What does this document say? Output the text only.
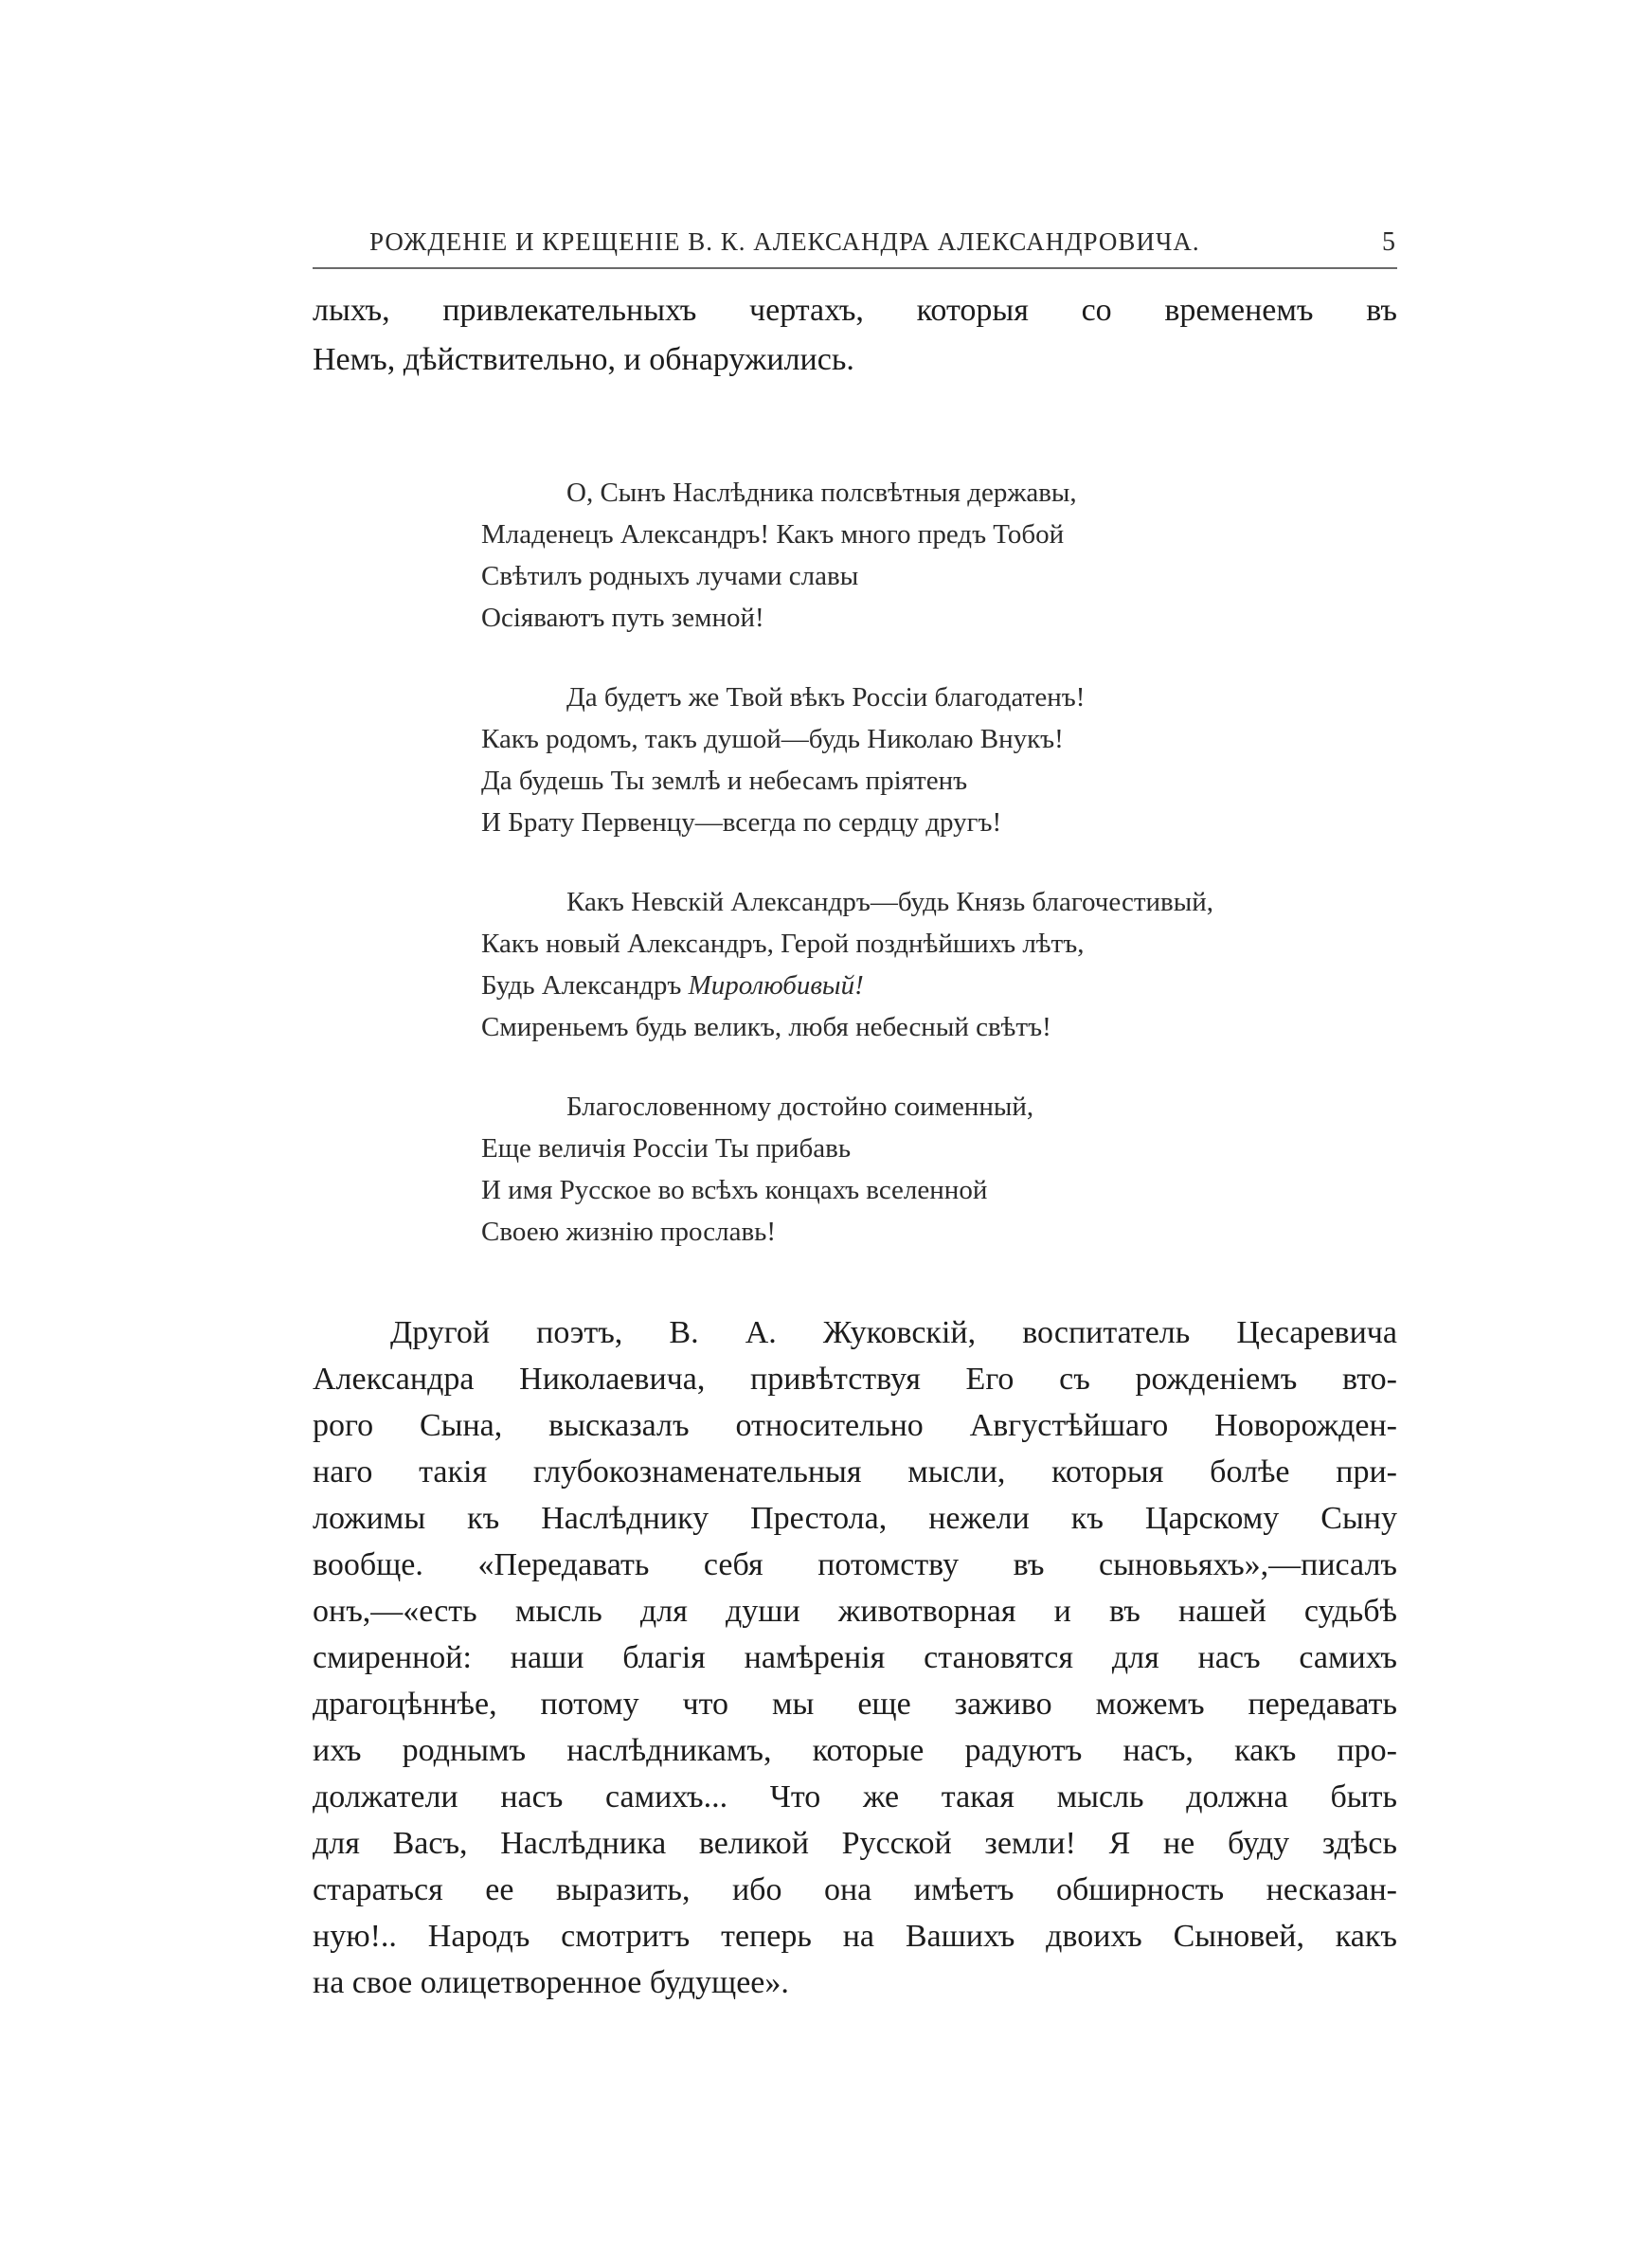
РОЖДЕНІЕ И КРЕЩЕНІЕ В. К. АЛЕКСАНДРА АЛЕКСАНДРОВИЧА.	5
лыхъ, привлекательныхъ чертахъ, которыя со временемъ въ
Немъ, дѣйствительно, и обнаружились.
О, Сынъ Наслѣдника полсвѣтныя державы,
Младенецъ Александръ! Какъ много предъ Тобой
Свѣтилъ родныхъ лучами славы
Осіяваютъ путь земной!
Да будетъ же Твой вѣкъ Россіи благодатенъ!
Какъ родомъ, такъ душой—будь Николаю Внукъ!
Да будешь Ты землѣ и небесамъ пріятенъ
И Брату Первенцу—всегда по сердцу другъ!
Какъ Невскій Александръ—будь Князь благочестивый,
Какъ новый Александръ, Герой позднѣйшихъ лѣтъ,
Будь Александръ Миролюбивый!
Смиреньемъ будь великъ, любя небесный свѣтъ!
Благословенному достойно соименный,
Еще величія Россіи Ты прибавь
И имя Русское во всѣхъ концахъ вселенной
Своею жизнію прославь!
Другой поэтъ, В. А. Жуковскій, воспитатель Цесаревича
Александра Николаевича, привѣтствуя Его съ рожденіемъ вто-
рого Сына, высказалъ относительно Августѣйшаго Новорожден-
наго такія глубокознаменательныя мысли, которыя болѣе при-
ложимы къ Наслѣднику Престола, нежели къ Царскому Сыну
вообще. «Передавать себя потомству въ сыновьяхъ»,—писалъ
онъ,—«есть мысль для души животворная и въ нашей судьбѣ
смиренной: наши благія намѣренія становятся для насъ самихъ
драгоцѣннѣе, потому что мы еще заживо можемъ передавать
ихъ роднымъ наслѣдникамъ, которые радуютъ насъ, какъ про-
должатели насъ самихъ... Что же такая мысль должна быть
для Васъ, Наслѣдника великой Русской земли! Я не буду здѣсь
стараться ее выразить, ибо она имѣетъ обширность несказан-
ную!.. Народъ смотритъ теперь на Вашихъ двоихъ Сыновей, какъ
на свое олицетворенное будущее».
